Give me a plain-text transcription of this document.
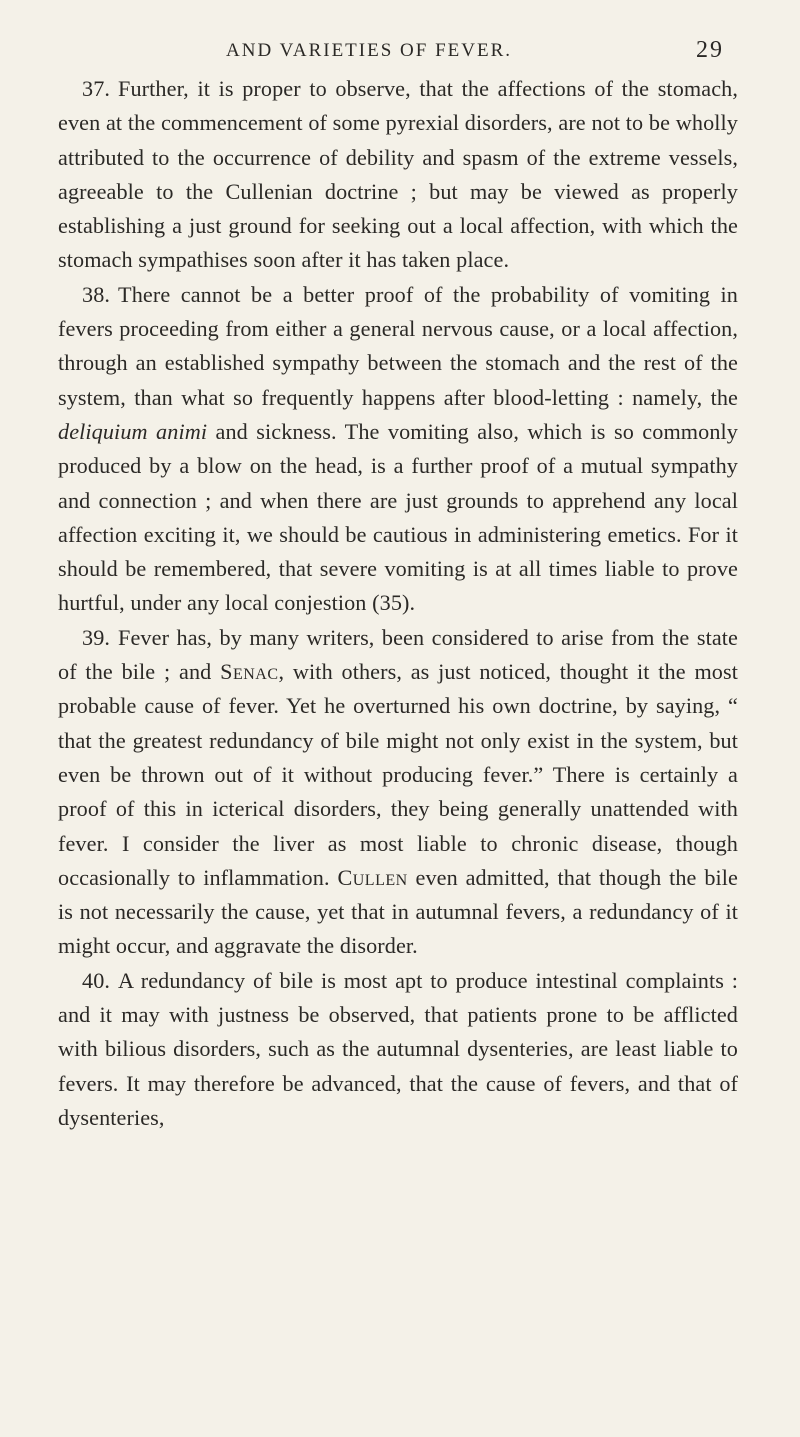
AND VARIETIES OF FEVER.	29

37. Further, it is proper to observe, that the affections of the stomach, even at the commencement of some pyrexial disorders, are not to be wholly attributed to the occurrence of debility and spasm of the extreme vessels, agreeable to the Cullenian doctrine ; but may be viewed as properly establishing a just ground for seeking out a local affection, with which the stomach sympathises soon after it has taken place.

38. There cannot be a better proof of the probability of vomiting in fevers proceeding from either a general nervous cause, or a local affection, through an established sympathy between the stomach and the rest of the system, than what so frequently happens after blood-letting : namely, the deliquium animi and sickness. The vomiting also, which is so commonly produced by a blow on the head, is a further proof of a mutual sympathy and connection ; and when there are just grounds to apprehend any local affection exciting it, we should be cautious in administering emetics. For it should be remembered, that severe vomiting is at all times liable to prove hurtful, under any local conjestion (35).

39. Fever has, by many writers, been considered to arise from the state of the bile ; and Senac, with others, as just noticed, thought it the most probable cause of fever. Yet he overturned his own doctrine, by saying, “ that the greatest redundancy of bile might not only exist in the system, but even be thrown out of it without producing fever.” There is certainly a proof of this in icterical disorders, they being generally unattended with fever. I consider the liver as most liable to chronic disease, though occasionally to inflammation. Cullen even admitted, that though the bile is not necessarily the cause, yet that in autumnal fevers, a redundancy of it might occur, and aggravate the disorder.

40. A redundancy of bile is most apt to produce intestinal complaints : and it may with justness be observed, that patients prone to be afflicted with bilious disorders, such as the autumnal dysenteries, are least liable to fevers. It may therefore be advanced, that the cause of fevers, and that of dysenteries,
